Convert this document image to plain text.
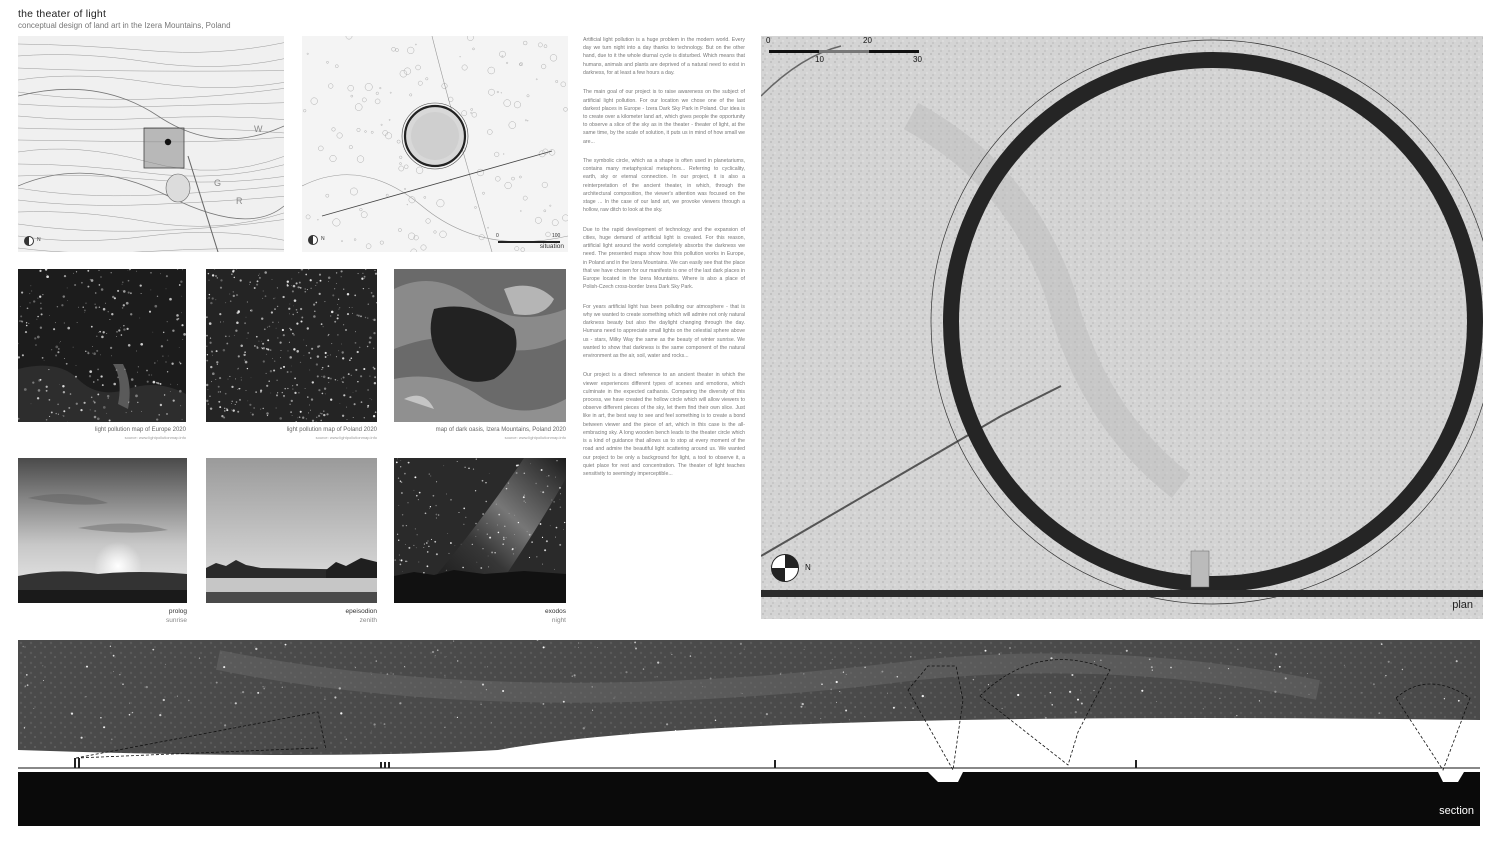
the theater of light
conceptual design of land art in the Izera Mountains, Poland
W
G
R
N	N	0	100
situation
light pollution map of Europe 2020
source: www.lightpollutionmap.info
light pollution map of Poland 2020
source: www.lightpollutionmap.info
map of dark oasis, Izera Mountains, Poland 2020
source: www.lightpollutionmap.info
prolog
sunrise
epeisodion
zenith
exodos
night

Artificial light pollution is a huge problem in the modern world. Every day we turn night into a day thanks to technology. But on the other hand, due to it the whole diurnal cycle is disturbed. Which means that humans, animals and plants are deprived of a natural need to exist in darkness, for at least a few hours a day.

The main goal of our project is to raise awareness on the subject of artificial light pollution. For our location we chose one of the last darkest places in Europe - Izera Dark Sky Park in Poland. Our idea is to create over a kilometer land art, which gives people the opportunity to observe a slice of the sky as in the theater - theater of light, at the same time, by the scale of solution, it puts us in mind of how small we are...

The symbolic circle, which as a shape is often used in planetariums, contains many metaphysical metaphors... Referring to cyclicality, earth, sky or eternal connection. In our project, it is also a reinterpretation of the ancient theater, in which, through the architectural composition, the viewer's attention was focused on the stage ... In the case of our land art, we provoke viewers through a hollow, raw ditch to look at the sky.

Due to the rapid development of technology and the expansion of cities, huge demand of artificial light is created. For this reason, artificial light around the world completely absorbs the darkness we need. The presented maps show how this pollution works in Europe, in Poland and in the Izera Mountains. We can easily see that the place that we have chosen for our manifesto is one of the last dark places in Europe located in the Izera Mountains. Where is also a place of Polish-Czech cross-border Izera Dark Sky Park.

For years artificial light has been polluting our atmosphere - that is why we wanted to create something which will admire not only natural darkness beauty but also the daylight changing through the day. Humans need to appreciate small lights on the celestial sphere above us - stars, Milky Way the same as the beauty of winter sunrise. We wanted to show that darkness is the same component of the natural environment as the air, soil, water and rocks...

Our project is a direct reference to an ancient theater in which the viewer experiences different types of scenes and emotions, which culminate in the expected catharsis. Comparing the diversity of this process, we have created the hollow circle which will allow viewers to observe different pieces of the sky, let them find their own slice. Just like in art, the best way to see and feel something is to create a bond between viewer and the piece of art, which in this case is the all-embracing sky. A long wooden bench leads to the theater circle which is a kind of guidance that allows us to stop at every moment of the road and admire the beautiful light scattering around us. We wanted our project to be only a background for light, a tool to observe it, a quiet place for rest and concentration. The theater of light teaches sensitivity to seemingly imperceptible...

N
0
10
20
30
plan
section
